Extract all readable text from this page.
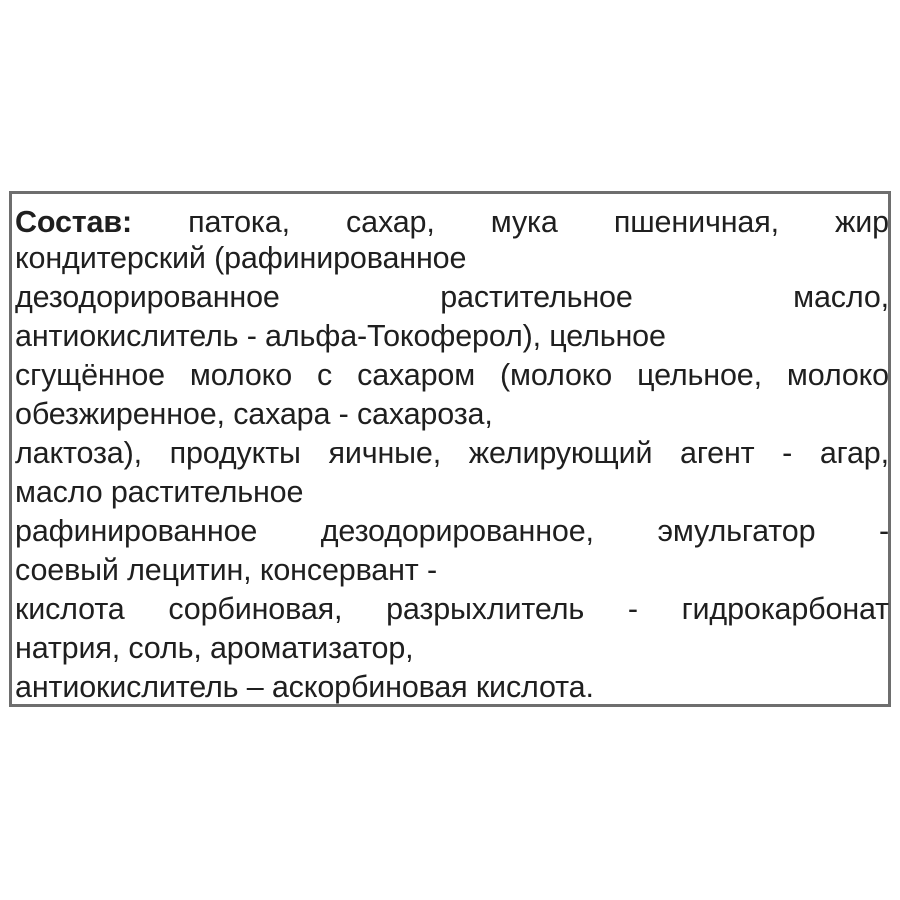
Состав: патока, сахар, мука пшеничная, жир
кондитерский (рафинированное
дезодорированное	растительное	масло,
антиокислитель - альфа-Токоферол), цельное
сгущённое молоко с сахаром (молоко цельное, молоко
обезжиренное, сахара - сахароза,
лактоза), продукты яичные, желирующий агент - агар,
масло растительное
рафинированное дезодорированное, эмульгатор -
соевый лецитин, консервант -
кислота сорбиновая, разрыхлитель - гидрокарбонат
натрия, соль, ароматизатор,
антиокислитель – аскорбиновая кислота.
